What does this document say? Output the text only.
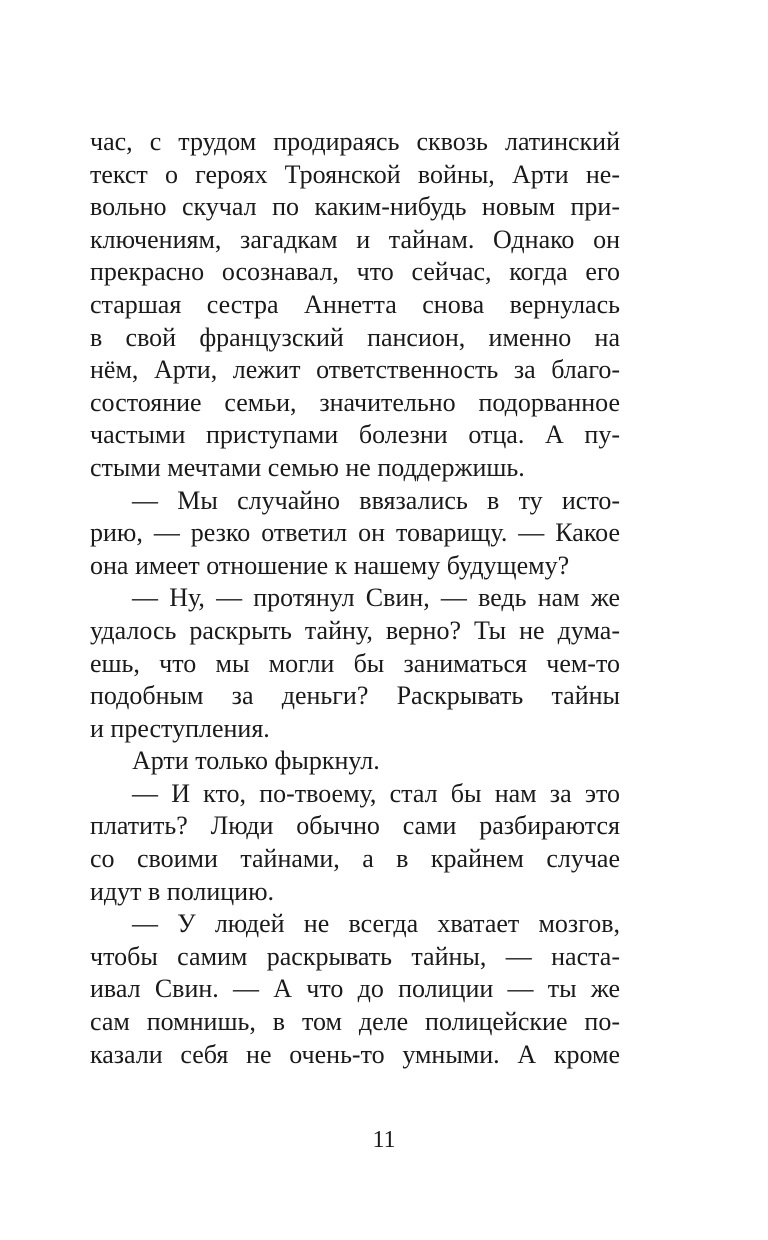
час, с трудом продираясь сквозь латинский
текст о героях Троянской войны, Арти не-
вольно скучал по каким-нибудь новым при-
ключениям, загадкам и тайнам. Однако он
прекрасно осознавал, что сейчас, когда его
старшая сестра Аннетта снова вернулась
в свой французский пансион, именно на
нём, Арти, лежит ответственность за благо-
состояние семьи, значительно подорванное
частыми приступами болезни отца. А пу-
стыми мечтами семью не поддержишь.
— Мы случайно ввязались в ту исто-
рию, — резко ответил он товарищу. — Какое
она имеет отношение к нашему будущему?
— Ну, — протянул Свин, — ведь нам же
удалось раскрыть тайну, верно? Ты не дума-
ешь, что мы могли бы заниматься чем-то
подобным за деньги? Раскрывать тайны
и преступления.
Арти только фыркнул.
— И кто, по-твоему, стал бы нам за это
платить? Люди обычно сами разбираются
со своими тайнами, а в крайнем случае
идут в полицию.
— У людей не всегда хватает мозгов,
чтобы самим раскрывать тайны, — наста-
ивал Свин. — А что до полиции — ты же
сам помнишь, в том деле полицейские по-
казали себя не очень-то умными. А кроме
11
